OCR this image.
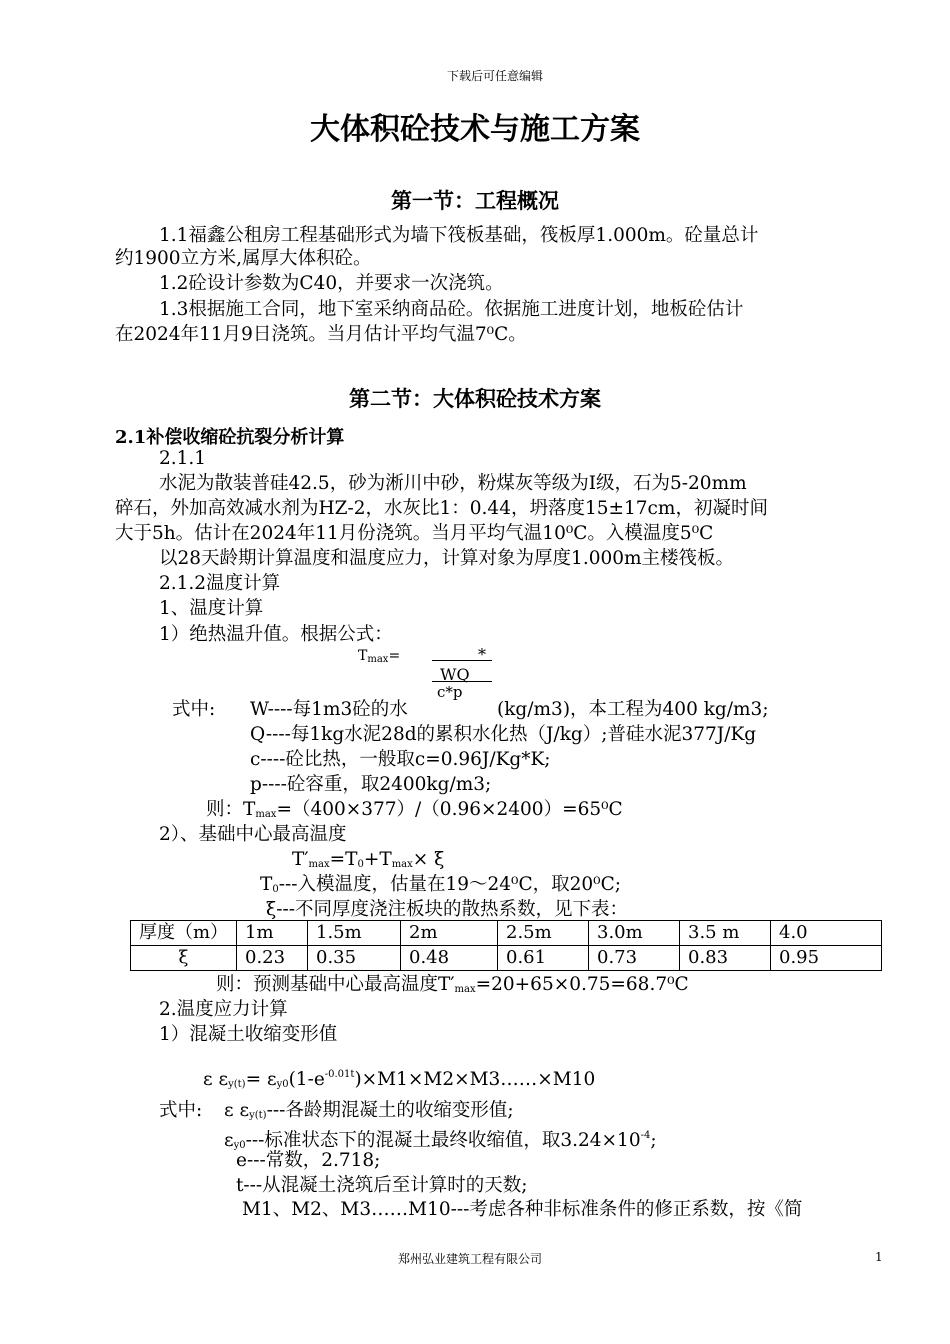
下载后可任意编辑
大体积砼技术与施工方案
第一节：工程概况
1.1福鑫公租房工程基础形式为墙下筏板基础，筏板厚1.000m。砼量总计
约1900立方米,属厚大体积砼。
1.2砼设计参数为C40，并要求一次浇筑。
1.3根据施工合同，地下室采纳商品砼。依据施工进度计划，地板砼估计
在2024年11月9日浇筑。当月估计平均气温7⁰C。
第二节：大体积砼技术方案
2.1补偿收缩砼抗裂分析计算
2.1.1
水泥为散装普硅42.5，砂为淅川中砂，粉煤灰等级为Ⅰ级，石为5-20mm
碎石，外加高效减水剂为HZ-2，水灰比1：0.44，坍落度15±17cm，初凝时间
大于5h。估计在2024年11月份浇筑。当月平均气温10⁰C。入模温度5⁰C
以28天龄期计算温度和温度应力，计算对象为厚度1.000m主楼筏板。
2.1.2温度计算
1、温度计算
1）绝热温升值。根据公式：
$T_{max}=$	*
WQ
c*p
式中: W----每1m3砼的水	(kg/m3)，本工程为400 kg/m3;
Q----每1kg水泥28d的累积水化热（J/kg）;普硅水泥377J/Kg
c----砼比热，一般取c=0.96J/Kg*K;
p----砼容重，取2400kg/m3;
则：$T_{max}=(400\times 377)/(0.96\times 2400)=65^0C$
2）、基础中心最高温度
$T'_{max}=T_0+T_{max}\times \xi$
$T_0---$入模温度，估量在19～24⁰C，取20⁰C;
ξ---不同厚度浇注板块的散热系数，见下表：
厚度（m）	1m	1.5m	2m	2.5m	3.0m	3.5 m	4.0
ξ	0.23	0.35	0.48	0.61	0.73	0.83	0.95
则：预测基础中心最高温度$T'_{max}=20+65\times 0.75=68.7^0C$
2.温度应力计算
1）混凝土收缩变形值
ε $\varepsilon_{y(t)}=$ $\varepsilon_{y0}(1-e^{-0.01t})\times M1\times M2\times M3\dots\dots\times M10$
式中: ε $\varepsilon_{y(t)}---$各龄期混凝土的收缩变形值;
$\varepsilon_{y0}---$标准状态下的混凝土最终收缩值，取$3.24\times 10^{-4}$;
e---常数，2.718;
t---从混凝土浇筑后至计算时的天数;
M1、M2、M3……M10---考虑各种非标准条件的修正系数，按《简
郑州弘业建筑工程有限公司	1
